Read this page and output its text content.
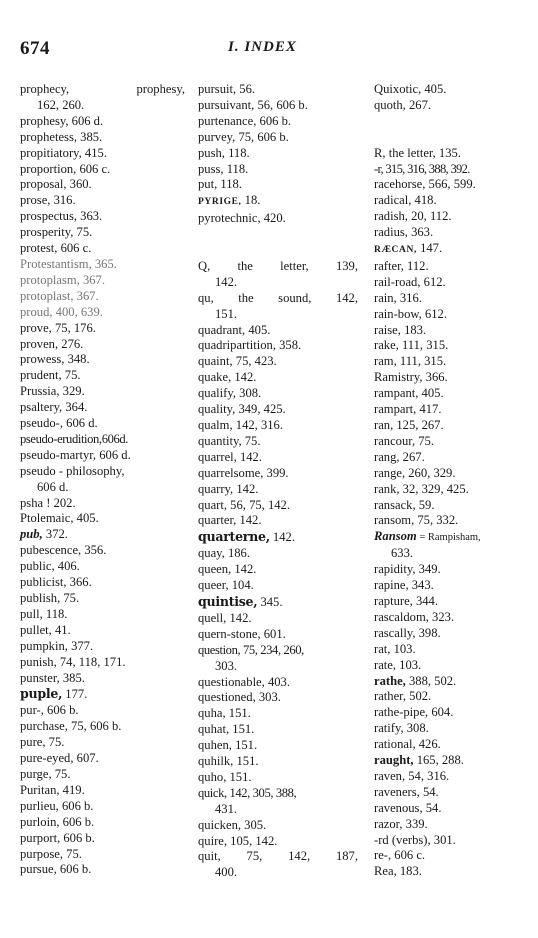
674	I. INDEX
prophecy,	prophesy,
162, 260.
prophesy, 606 d.
prophetess, 385.
propitiatory, 415.
proportion, 606 c.
proposal, 360.
prose, 316.
prospectus, 363.
prosperity, 75.
protest, 606 c.
Protestantism, 365.
protoplasm, 367.
protoplast, 367.
proud, 400, 639.
prove, 75, 176.
proven, 276.
prowess, 348.
prudent, 75.
Prussia, 329.
psaltery, 364.
pseudo-, 606 d.
pseudo-erudition,606d.
pseudo-martyr, 606 d.
pseudo - philosophy,
606 d.
psha ! 202.
Ptolemaic, 405.
pub, 372.
pubescence, 356.
public, 406.
publicist, 366.
publish, 75.
pull, 118.
pullet, 41.
pumpkin, 377.
punish, 74, 118, 171.
punster, 385.
puple, 177.
pur-, 606 b.
purchase, 75, 606 b.
pure, 75.
pure-eyed, 607.
purge, 75.
Puritan, 419.
purlieu, 606 b.
purloin, 606 b.
purport, 606 b.
purpose, 75.
pursue, 606 b.
pursuit, 56.
pursuivant, 56, 606 b.
purtenance, 606 b.
purvey, 75, 606 b.
push, 118.
puss, 118.
put, 118.
PYRIGE, 18.
pyrotechnic, 420.
Q, the letter, 139,
142.
qu, the sound, 142,
151.
quadrant, 405.
quadripartition, 358.
quaint, 75, 423.
quake, 142.
qualify, 308.
quality, 349, 425.
qualm, 142, 316.
quantity, 75.
quarrel, 142.
quarrelsome, 399.
quarry, 142.
quart, 56, 75, 142.
quarter, 142.
quarterne, 142.
quay, 186.
queen, 142.
queer, 104.
quintise, 345.
quell, 142.
quern-stone, 601.
question, 75, 234, 260,
303.
questionable, 403.
questioned, 303.
quha, 151.
quhat, 151.
quhen, 151.
quhilk, 151.
quho, 151.
quick, 142, 305, 388,
431.
quicken, 305.
quire, 105, 142.
quit, 75, 142, 187,
400.
Quixotic, 405.
quoth, 267.
R, the letter, 135.
-r, 315, 316, 388, 392.
racehorse, 566, 599.
radical, 418.
radish, 20, 112.
radius, 363.
RÆCAN, 147.
rafter, 112.
rail-road, 612.
rain, 316.
rain-bow, 612.
raise, 183.
rake, 111, 315.
ram, 111, 315.
Ramistry, 366.
rampant, 405.
rampart, 417.
ran, 125, 267.
rancour, 75.
rang, 267.
range, 260, 329.
rank, 32, 329, 425.
ransack, 59.
ransom, 75, 332.
Ransom = Rampisham,
633.
rapidity, 349.
rapine, 343.
rapture, 344.
rascaldom, 323.
rascally, 398.
rat, 103.
rate, 103.
rathe, 388, 502.
rather, 502.
rathe-pipe, 604.
ratify, 308.
rational, 426.
raught, 165, 288.
raven, 54, 316.
raveners, 54.
ravenous, 54.
razor, 339.
-rd (verbs), 301.
re-, 606 c.
Rea, 183.
